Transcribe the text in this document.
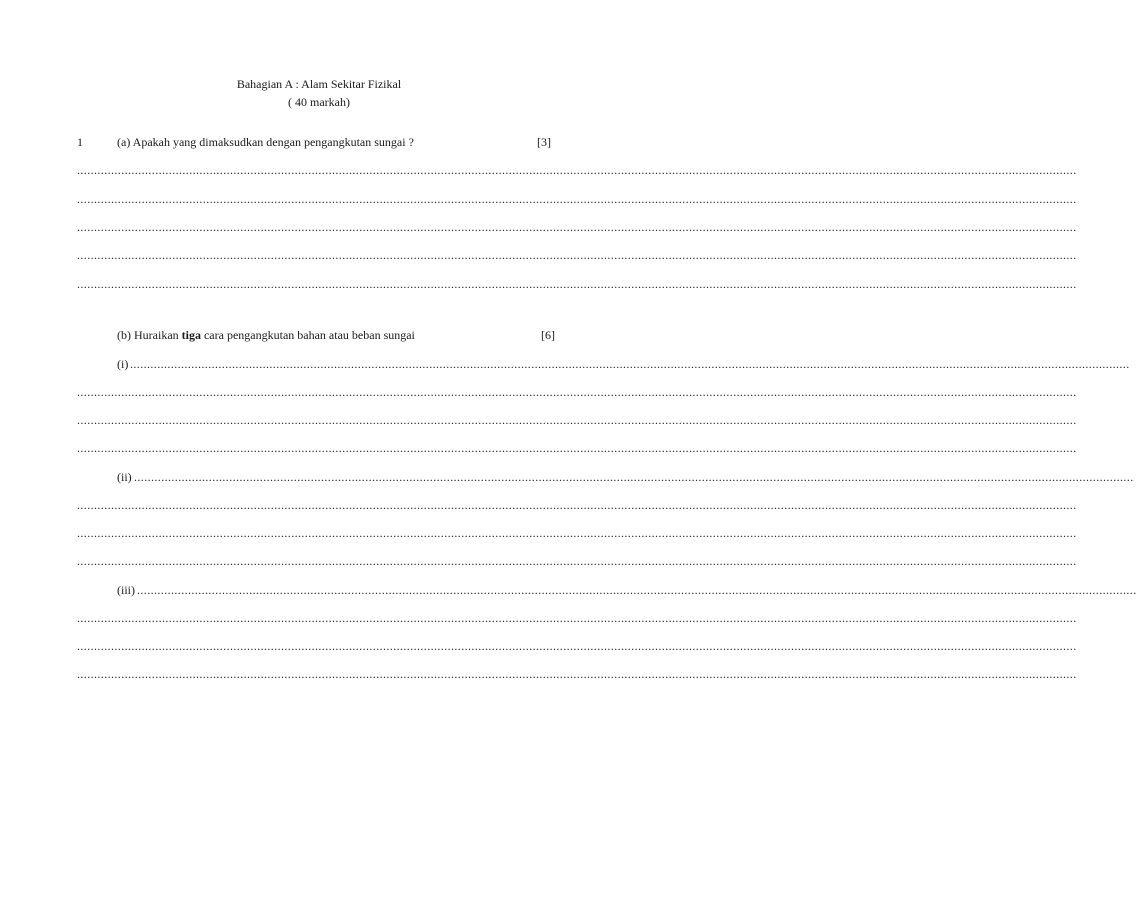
Bahagian A : Alam Sekitar Fizikal
( 40 markah)
1	(a) Apakah yang dimaksudkan dengan pengangkutan sungai ?	[3]
......................................................................................................................................................................................................................................................................................................
......................................................................................................................................................................................................................................................................................................
......................................................................................................................................................................................................................................................................................................
......................................................................................................................................................................................................................................................................................................
......................................................................................................................................................................................................................................................................................................
(b) Huraikan tiga cara pengangkutan bahan atau beban sungai	[6]
(i) ......................................................................................................................................................................................................................................................................................................
......................................................................................................................................................................................................................................................................................................
......................................................................................................................................................................................................................................................................................................
......................................................................................................................................................................................................................................................................................................
(ii) ......................................................................................................................................................................................................................................................................................................
......................................................................................................................................................................................................................................................................................................
......................................................................................................................................................................................................................................................................................................
......................................................................................................................................................................................................................................................................................................
(iii) ......................................................................................................................................................................................................................................................................................................
......................................................................................................................................................................................................................................................................................................
......................................................................................................................................................................................................................................................................................................
......................................................................................................................................................................................................................................................................................................
